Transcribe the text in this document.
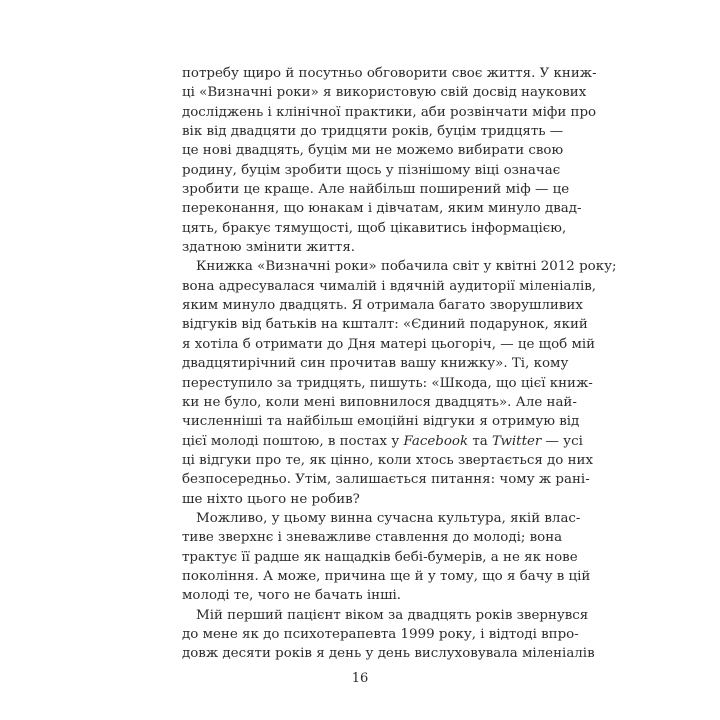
потребу щиро й посутньо обговорити своє життя. У книж-
ці «Визначні роки» я використовую свій досвід наукових
досліджень і клінічної практики, аби розвінчати міфи про
вік від двадцяти до тридцяти років, буцім тридцять —
це нові двадцять, буцім ми не можемо вибирати свою
родину, буцім зробити щось у пізнішому віці означає
зробити це краще. Але найбільш поширений міф — це
переконання, що юнакам і дівчатам, яким минуло двад-
цять, бракує тямущості, щоб цікавитись інформацією,
здатною змінити життя.
Книжка «Визначні роки» побачила світ у квітні 2012 року;
вона адресувалася чималій і вдячній аудиторії міленіалів,
яким минуло двадцять. Я отримала багато зворушливих
відгуків від батьків на кшталт: «Єдиний подарунок, який
я хотіла б отримати до Дня матері цьогоріч, — це щоб мій
двадцятирічний син прочитав вашу книжку». Ті, кому
переступило за тридцять, пишуть: «Шкода, що цієї книж-
ки не було, коли мені виповнилося двадцять». Але най-
численніші та найбільш емоційні відгуки я отримую від
цієї молоді поштою, в постах у Facebook та Twitter — усі
ці відгуки про те, як цінно, коли хтось звертається до них
безпосередньо. Утім, залишається питання: чому ж рані-
ше ніхто цього не робив?
Можливо, у цьому винна сучасна культура, якій влас-
тиве зверхнє і зневажливе ставлення до молоді; вона
трактує її радше як нащадків бебі-бумерів, а не як нове
покоління. А може, причина ще й у тому, що я бачу в цій
молоді те, чого не бачать інші.
Мій перший пацієнт віком за двадцять років звернувся
до мене як до психотерапевта 1999 року, і відтоді впро-
довж десяти років я день у день вислуховувала міленіалів
16
